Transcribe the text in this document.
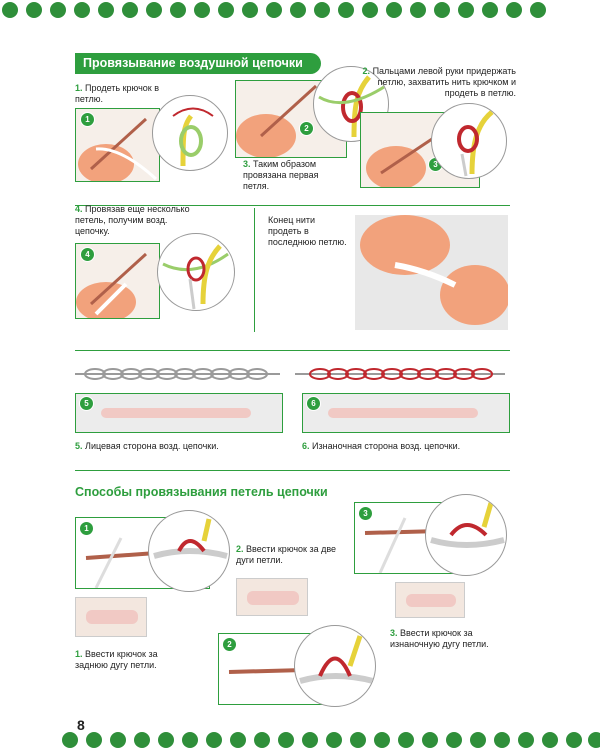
Провязывание воздушной цепочки
1. Продеть крючок в петлю.
1
2
2. Пальцами левой руки придержать петлю, захватить нить крючком и продеть в петлю.
3. Таким образом провязана первая петля.
3
4. Провязав еще несколько петель, получим возд. цепочку.
4
Конец нити продеть в последнюю петлю.
5	6
5. Лицевая сторона возд. цепочки.	6. Изнаночная сторона возд. цепочки.
Способы провязывания петель цепочки
1
1. Ввести крючок за заднюю дугу петли.
2. Ввести крючок за две дуги петли.
2
3
3. Ввести крючок за изнаночную дугу петли.
8
